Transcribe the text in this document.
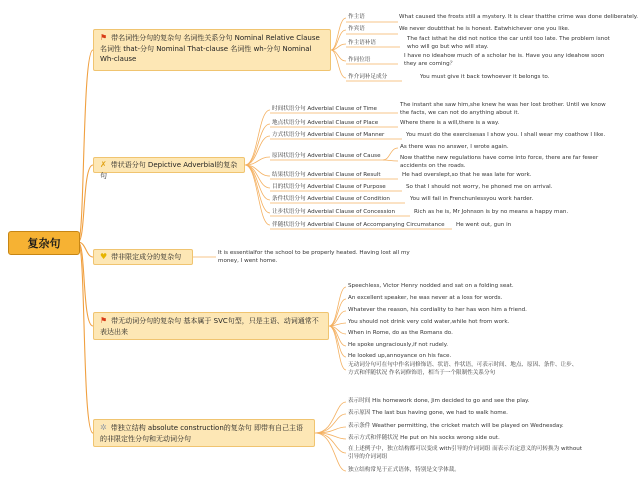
复杂句
⚑ 带名词性分句的复杂句 名词性关系分句 Nominal Relative Clause 名词性 that-分句 Nominal That-clause 名词性 wh-分句 Nominal Wh-clause
✗ 带状语分句 Depictive Adverbial的复杂句
♥ 带非限定成分的复杂句
⚑ 带无动词分句的复杂句 基本属于 SVC句型，只是主语、动词通常不表达出来
✲ 带独立结构 absolute construction的复杂句 即带有自己主语的非限定性分句和无动词分句
作主语	What caused the frosts still a mystery. It is clear thatthe crime was done deliberately.
作宾语	We never doubtthat he is honest. Eatwhichever one you like.
作主语补语
The fact isthat he did not notice the car until too late. The problem isnot who will go but who will stay.
作同位语
I have no ideahow much of a scholar he is. Have you any ideahow soon they are coming？
作介词补足成分	You must give it back towhoever it belongs to.
时间状语分句 Adverbial Clause of Time
The instant she saw him,she knew he was her lost brother. Until we know the facts, we can not do anything about it.
地点状语分句 Adverbial Clause of Place	Where there is a will,there is a way.
方式状语分句 Adverbial Clause of Manner	You must do the exercisesas I show you. I shall wear my coathow I like.
原因状语分句 Adverbial Clause of Cause
As there was no answer, I wrote again.
Now thatthe new regulations have come into force, there are far fewer accidents on the roads.
结果状语分句 Adverbial Clause of Result	He had overslept,so that he was late for work.
目的状语分句 Adverbial Clause of Purpose	So that I should not worry, he phoned me on arrival.
条件状语分句 Adverbial Clause of Condition	You will fail in Frenchunlessyou work harder.
让步状语分句 Adverbial Clause of Concession	Rich as he is, Mr Johnson is by no means a happy man.
伴随状语分句 Adverbial Clause of Accompanying Circumstance He went out, gun in
It is essentialfor the school to be properly heated. Having lost all my money, I went home.
Speechless, Victor Henry nodded and sat on a folding seat.
An excellent speaker, he was never at a loss for words.
Whatever the reason, his cordiality to her has won him a friend.
You should not drink very cold water,while hot from work.
When in Rome, do as the Romans do.
He spoke ungraciously,if not rudely.
He looked up,annoyance on his face.
无动词分句可在句中作名词修饰语、状语、作状语，可表示时间、地点、原因、条件、让步、方式和伴随状况 作名词修饰语，相当于一个限制性关系分句
表示时间 His homework done, Jim decided to go and see the play.
表示原因 The last bus having gone, we had to walk home.
表示条件 Weather permitting, the cricket match will be played on Wednesday.
表示方式和伴随状况 He put on his socks wrong side out.
在上述例子中，独立结构都可以变成 with引导的介词词组 而表示否定意义的可转换为 without引导的介词词组
独立结构常见于正式语体，特别是文学体裁。
